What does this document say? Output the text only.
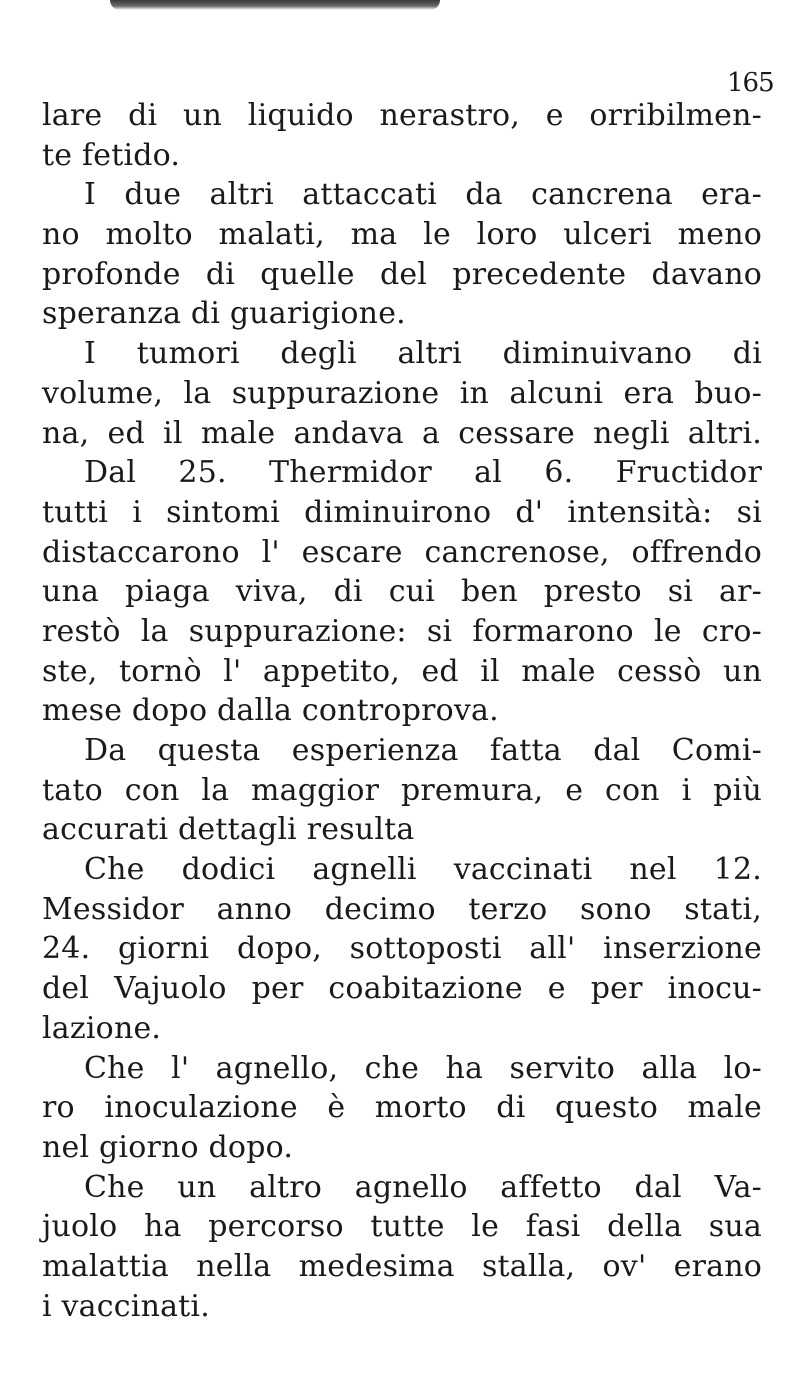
165
lare di un liquido nerastro, e orribilmen-
te fetido.
I due altri attaccati da cancrena era-
no molto malati, ma le loro ulceri meno
profonde di quelle del precedente davano
speranza di guarigione.
I tumori degli altri diminuivano di
volume, la suppurazione in alcuni era buo-
na, ed il male andava a cessare negli altri.
Dal 25. Thermidor al 6. Fructidor
tutti i sintomi diminuirono d' intensità: si
distaccarono l' escare cancrenose, offrendo
una piaga viva, di cui ben presto si ar-
restò la suppurazione: si formarono le cro-
ste, tornò l' appetito, ed il male cessò un
mese dopo dalla controprova.
Da questa esperienza fatta dal Comi-
tato con la maggior premura, e con i più
accurati dettagli resulta
Che dodici agnelli vaccinati nel 12.
Messidor anno decimo terzo sono stati,
24. giorni dopo, sottoposti all' inserzione
del Vajuolo per coabitazione e per inocu-
lazione.
Che l' agnello, che ha servito alla lo-
ro inoculazione è morto di questo male
nel giorno dopo.
Che un altro agnello affetto dal Va-
juolo ha percorso tutte le fasi della sua
malattia nella medesima stalla, ov' erano
i vaccinati.
